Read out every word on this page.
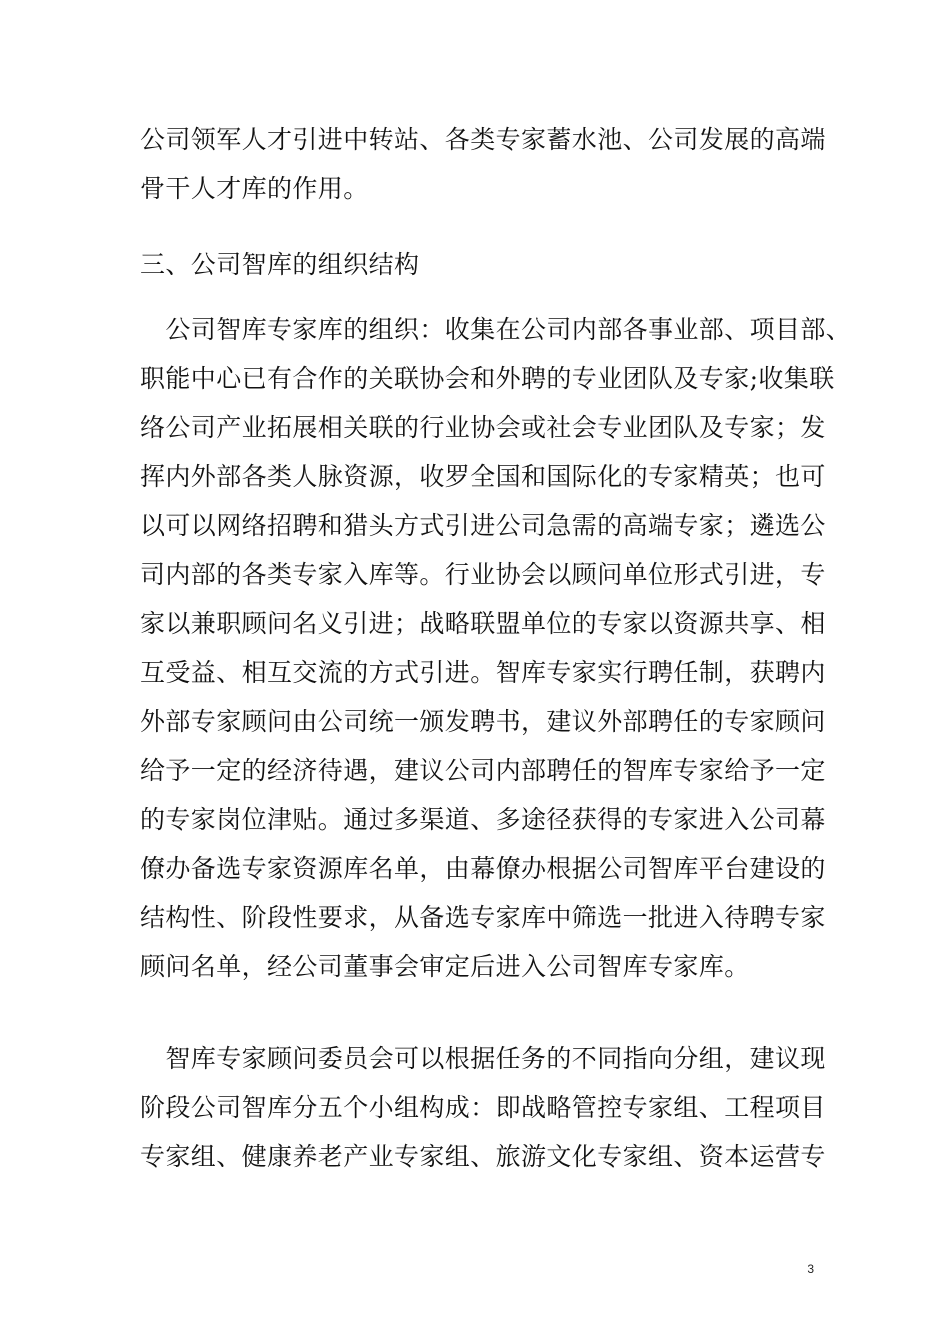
公司领军人才引进中转站、各类专家蓄水池、公司发展的高端
骨干人才库的作用。
三、公司智库的组织结构
　公司智库专家库的组织：收集在公司内部各事业部、项目部、
职能中心已有合作的关联协会和外聘的专业团队及专家;收集联
络公司产业拓展相关联的行业协会或社会专业团队及专家；发
挥内外部各类人脉资源，收罗全国和国际化的专家精英；也可
以可以网络招聘和猎头方式引进公司急需的高端专家；遴选公
司内部的各类专家入库等。行业协会以顾问单位形式引进，专
家以兼职顾问名义引进；战略联盟单位的专家以资源共享、相
互受益、相互交流的方式引进。智库专家实行聘任制，获聘内
外部专家顾问由公司统一颁发聘书，建议外部聘任的专家顾问
给予一定的经济待遇，建议公司内部聘任的智库专家给予一定
的专家岗位津贴。通过多渠道、多途径获得的专家进入公司幕
僚办备选专家资源库名单，由幕僚办根据公司智库平台建设的
结构性、阶段性要求，从备选专家库中筛选一批进入待聘专家
顾问名单，经公司董事会审定后进入公司智库专家库。
　智库专家顾问委员会可以根据任务的不同指向分组，建议现
阶段公司智库分五个小组构成：即战略管控专家组、工程项目
专家组、健康养老产业专家组、旅游文化专家组、资本运营专
3
